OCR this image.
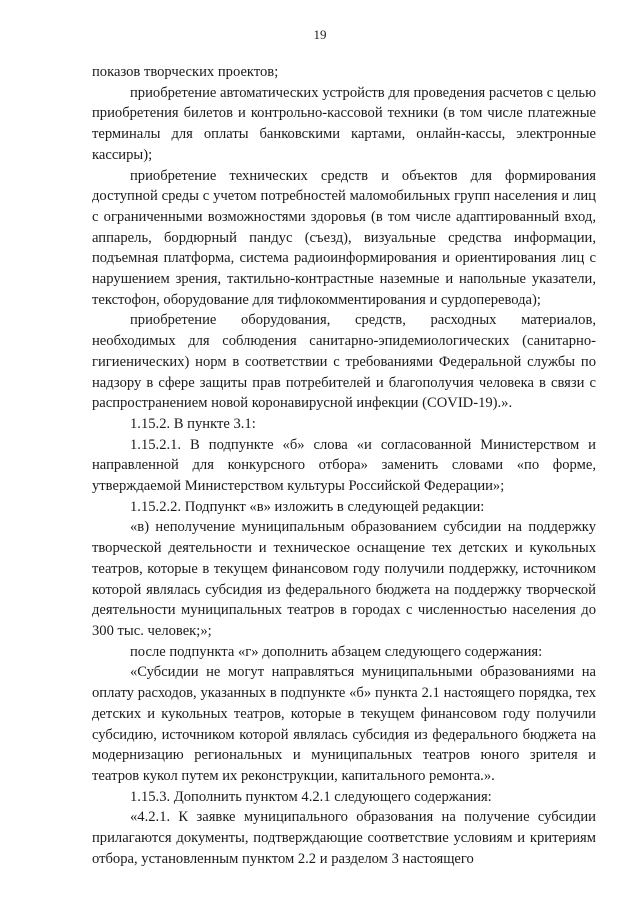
19

показов творческих проектов;

приобретение автоматических устройств для проведения расчетов с целью приобретения билетов и контрольно-кассовой техники (в том числе платежные терминалы для оплаты банковскими картами, онлайн-кассы, электронные кассиры);

приобретение технических средств и объектов для формирования доступной среды с учетом потребностей маломобильных групп населения и лиц с ограниченными возможностями здоровья (в том числе адаптированный вход, аппарель, бордюрный пандус (съезд), визуальные средства информации, подъемная платформа, система радиоинформирования и ориентирования лиц с нарушением зрения, тактильно-контрастные наземные и напольные указатели, текстофон, оборудование для тифлокомментирования и сурдоперевода);

приобретение оборудования, средств, расходных материалов, необходимых для соблюдения санитарно-эпидемиологических (санитарно-гигиенических) норм в соответствии с требованиями Федеральной службы по надзору в сфере защиты прав потребителей и благополучия человека в связи с распространением новой коронавирусной инфекции (COVID-19).».

1.15.2. В пункте 3.1:

1.15.2.1. В подпункте «б» слова «и согласованной Министерством и направленной для конкурсного отбора» заменить словами «по форме, утверждаемой Министерством культуры Российской Федерации»;

1.15.2.2. Подпункт «в» изложить в следующей редакции:

«в) неполучение муниципальным образованием субсидии на поддержку творческой деятельности и техническое оснащение тех детских и кукольных театров, которые в текущем финансовом году получили поддержку, источником которой являлась субсидия из федерального бюджета на поддержку творческой деятельности муниципальных театров в городах с численностью населения до 300 тыс. человек;»;

после подпункта «г» дополнить абзацем следующего содержания:

«Субсидии не могут направляться муниципальными образованиями на оплату расходов, указанных в подпункте «б» пункта 2.1 настоящего порядка, тех детских и кукольных театров, которые в текущем финансовом году получили субсидию, источником которой являлась субсидия из федерального бюджета на модернизацию региональных и муниципальных театров юного зрителя и театров кукол путем их реконструкции, капитального ремонта.».

1.15.3. Дополнить пунктом 4.2.1 следующего содержания:

«4.2.1. К заявке муниципального образования на получение субсидии прилагаются документы, подтверждающие соответствие условиям и критериям отбора, установленным пунктом 2.2 и разделом 3 настоящего
